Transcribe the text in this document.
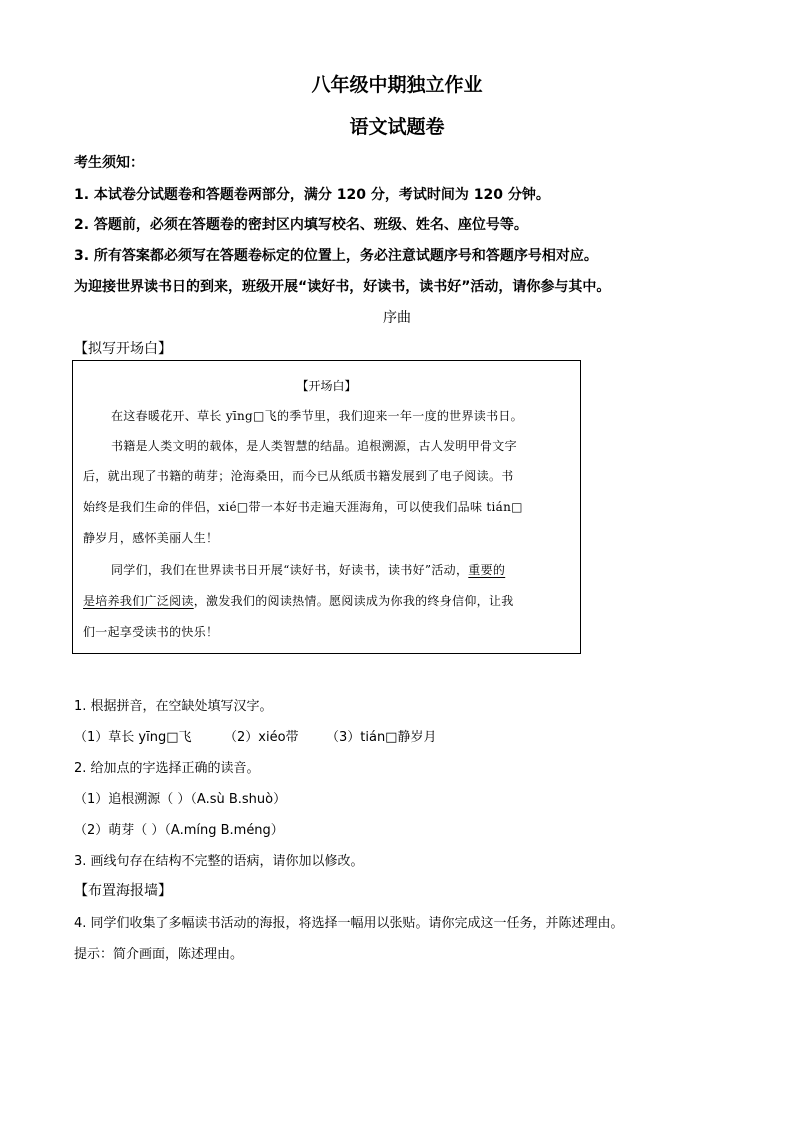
八年级中期独立作业
语文试题卷
考生须知：
1. 本试卷分试题卷和答题卷两部分，满分 120 分，考试时间为 120 分钟。
2. 答题前，必须在答题卷的密封区内填写校名、班级、姓名、座位号等。
3. 所有答案都必须写在答题卷标定的位置上，务必注意试题序号和答题序号相对应。
为迎接世界读书日的到来，班级开展“读好书，好读书，读书好”活动，请你参与其中。
序曲
【拟写开场白】
【开场白】
在这春暖花开、草长 yīng□飞的季节里，我们迎来一年一度的世界读书日。
书籍是人类文明的载体，是人类智慧的结晶。追根溯源，古人发明甲骨文字
后，就出现了书籍的萌芽；沧海桑田，而今已从纸质书籍发展到了电子阅读。书
始终是我们生命的伴侣，xié□带一本好书走遍天涯海角，可以使我们品味 tián□
静岁月，感怀美丽人生！
同学们，我们在世界读书日开展“读好书，好读书，读书好”活动，重要的
是培养我们广泛阅读，激发我们的阅读热情。愿阅读成为你我的终身信仰，让我
们一起享受读书的快乐！
1. 根据拼音，在空缺处填写汉字。
（1）草长 yīng□飞	（2）xiéo带 （3）tián□静岁月
2. 给加点的字选择正确的读音。
（1）追根溯源（ ）（A.sù B.shuò）
（2）萌芽（ ）（A.míng B.méng）
3. 画线句存在结构不完整的语病，请你加以修改。
【布置海报墙】
4. 同学们收集了多幅读书活动的海报，将选择一幅用以张贴。请你完成这一任务，并陈述理由。
提示：简介画面，陈述理由。
